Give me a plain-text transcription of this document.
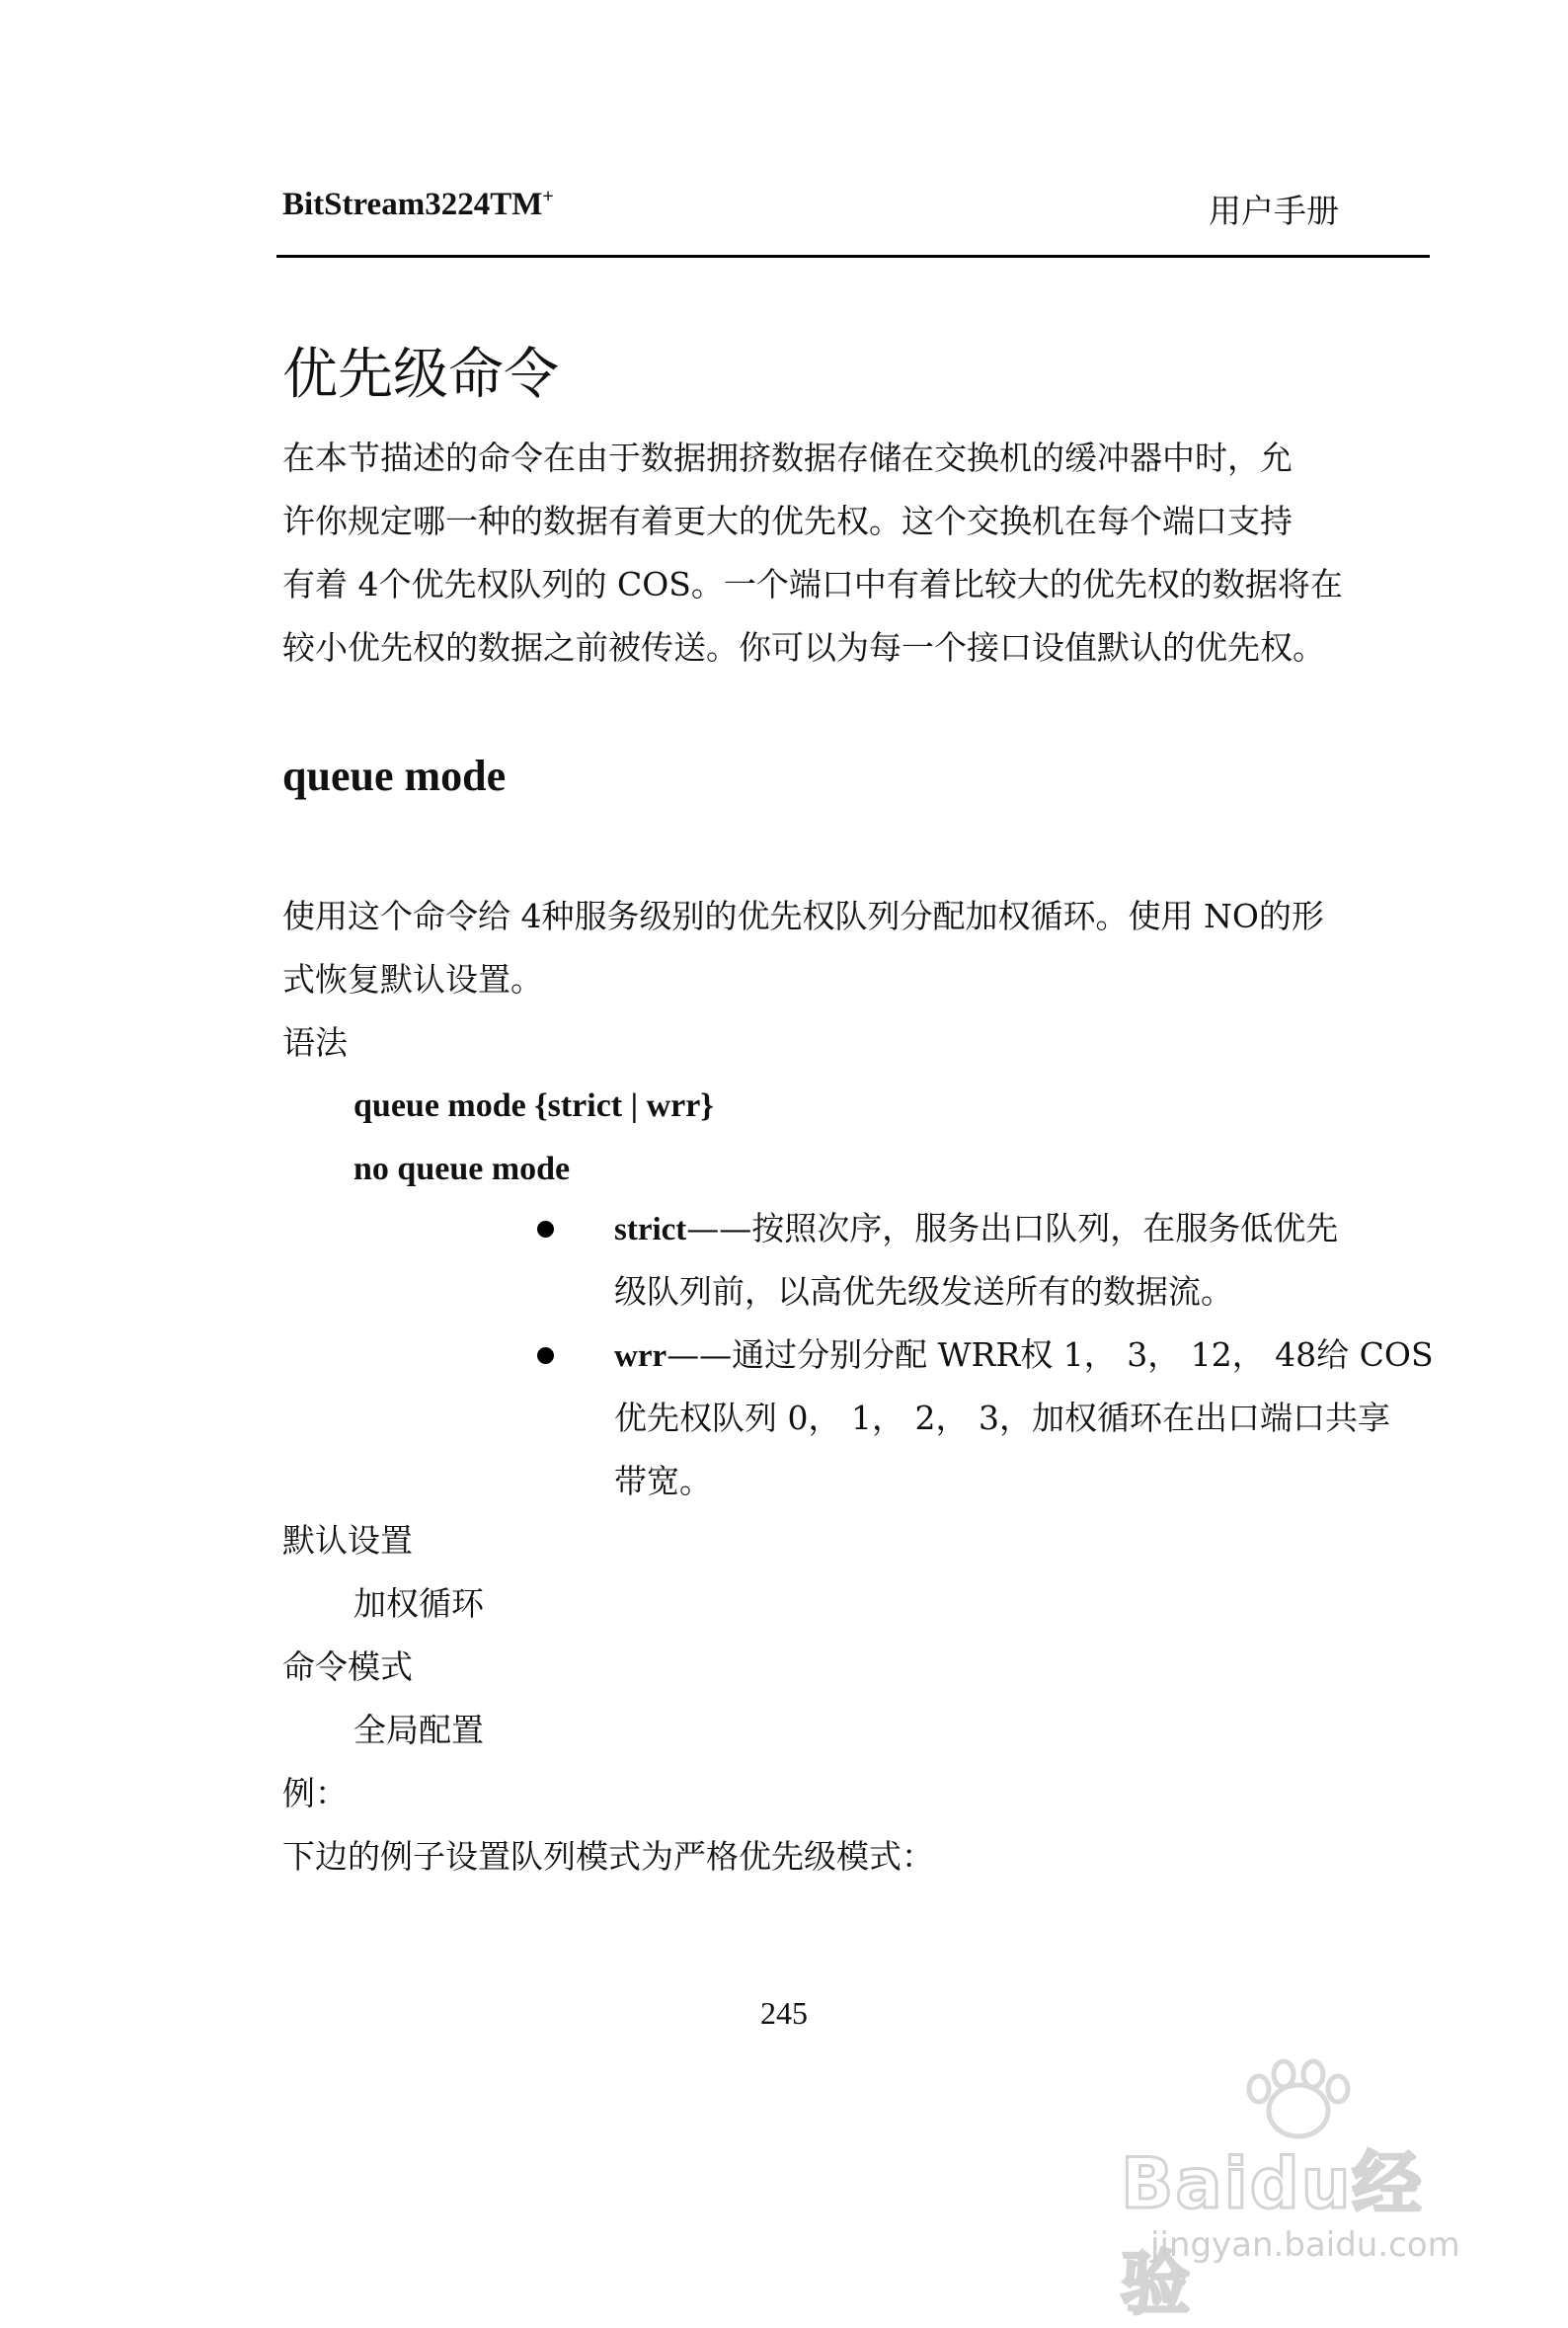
BitStream3224TM+	用户手册
优先级命令
在本节描述的命令在由于数据拥挤数据存储在交换机的缓冲器中时，允
许你规定哪一种的数据有着更大的优先权。这个交换机在每个端口支持
有着 4个优先权队列的 COS。一个端口中有着比较大的优先权的数据将在
较小优先权的数据之前被传送。你可以为每一个接口设值默认的优先权。
queue mode
使用这个命令给 4种服务级别的优先权队列分配加权循环。使用 NO的形
式恢复默认设置。
语法
queue mode {strict | wrr}
no queue mode
strict——按照次序，服务出口队列，在服务低优先
级队列前，以高优先级发送所有的数据流。
wrr——通过分别分配 WRR权 1， 3， 12， 48给 COS
优先权队列 0， 1， 2， 3，加权循环在出口端口共享
带宽。
默认设置
加权循环
命令模式
全局配置
例：
下边的例子设置队列模式为严格优先级模式：
245
Baidu经验
jingyan.baidu.com
